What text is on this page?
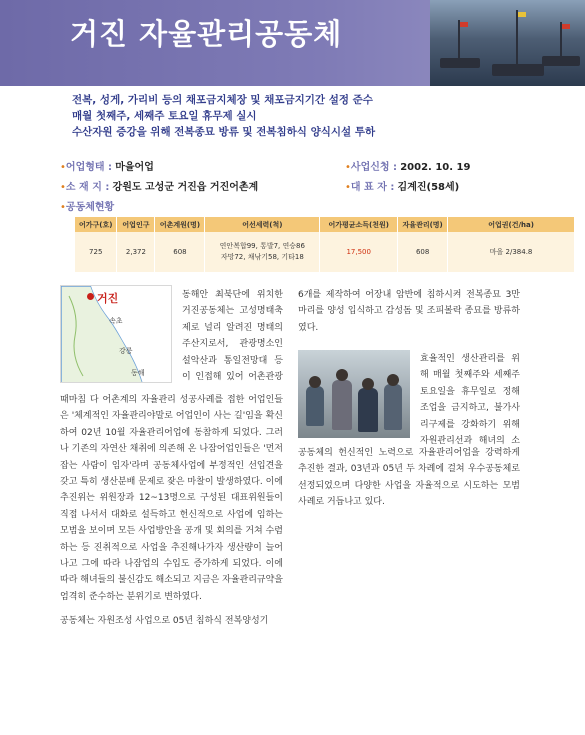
거진 자율관리공동체
전복, 성게, 가리비 등의 채포금지체장 및 채포금지기간 설정 준수
매월 첫째주, 세째주 토요일 휴무제 실시
수산자원 증강을 위해 전복종묘 방류 및 전복침하식 양식시설 투하
•어업형태 : 마을어업	•사업신청 : 2002. 10. 19
•소 재 지 : 강원도 고성군 거진읍 거진어촌계	•대 표 자 : 김계진(58세)
•공동체현황
어가구(호)	어업인구	어촌계원(명)	어선세력(척)	어가평균소득(천원)	자율관리(명)	어업권(건/ha)
725	2,372	608	연안복합99, 통발7, 연승86
자망72, 채낚기58, 기타18	17,500	608	마을 2/384.8
거진
속초
강릉
동해

동해안 최북단에 위치한 거진공동체는 고성명태축제로 널리 알려진 명태의 주산지로서, 관광명소인 설악산과 통일전망대 등이 인접해 있어 어촌관광

때마침 다 어촌계의 자율관리 성공사례를 접한 어업인들은 '체계적인 자율관리야말로 어업인이 사는 길'임을 확신하여 02년 10월 자율관리어업에 동참하게 되었다. 그러나 기존의 자연산 채취에 의존해 온 나잠어업인들은 '먼저 잡는 사람이 임자'라며 공동체사업에 부정적인 선입견을 갖고 특히 생산분배 문제로 잦은 마찰이 발생하였다. 이에 추진위는 위원장과 12~13명으로 구성된 대표위원들이 직접 나서서 대화로 설득하고 헌신적으로 사업에 임하는 모범을 보이며 모든 사업방안을 공개 및 회의를 거쳐 수렴하는 등 진취적으로 사업을 추진해나가자 생산량이 늘어나고 그에 따라 나잠업의 수입도 증가하게 되었다. 이에 따라 해녀들의 불신감도 해소되고 지금은 자율관리규약을 엄격히 준수하는 분위기로 변하였다.

공동체는 자원조성 사업으로 05년 침하식 전복양성기

6개를 제작하여 어장내 암반에 침하시켜 전복종묘 3만 마리를 양성 입식하고 감성돔 및 조피볼락 종묘를 방류하였다.

효율적인 생산관리를 위해 매월 첫째주와 세째주 토요일을 휴무일로 정해 조업을 금지하고, 불가사리구제를 강화하기 위해 자원관리선과 해녀의 소

공동체의 헌신적인 노력으로 자율관리어업을 강력하게 추진한 결과, 03년과 05년 두 차례에 걸쳐 우수공동체로 선정되었으며 다양한 사업을 자율적으로 시도하는 모범사례로 거듭나고 있다.
